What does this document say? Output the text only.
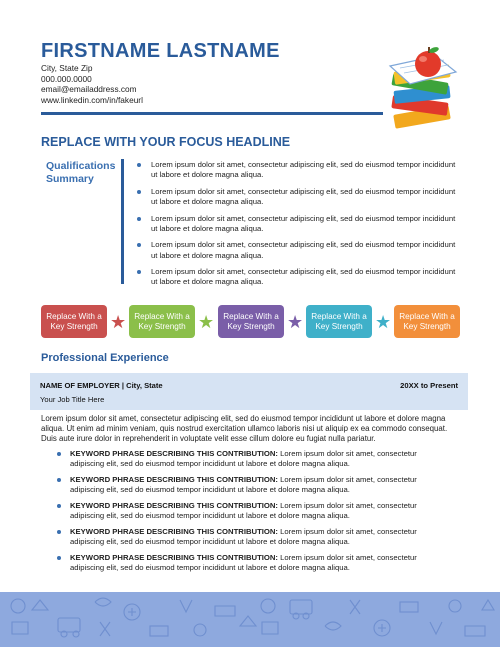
FIRSTNAME LASTNAME
City, State Zip
000.000.0000
email@emailaddress.com
www.linkedin.com/in/fakeurl
REPLACE WITH YOUR FOCUS HEADLINE
Qualifications
Summary
Lorem ipsum dolor sit amet, consectetur adipiscing elit, sed do eiusmod tempor incididunt ut labore et dolore magna aliqua.
Lorem ipsum dolor sit amet, consectetur adipiscing elit, sed do eiusmod tempor incididunt ut labore et dolore magna aliqua.
Lorem ipsum dolor sit amet, consectetur adipiscing elit, sed do eiusmod tempor incididunt ut labore et dolore magna aliqua.
Lorem ipsum dolor sit amet, consectetur adipiscing elit, sed do eiusmod tempor incididunt ut labore et dolore magna aliqua.
Lorem ipsum dolor sit amet, consectetur adipiscing elit, sed do eiusmod tempor incididunt ut labore et dolore magna aliqua.
Replace With a Key Strength ★ Replace With a Key Strength ★	Replace With a Key Strength ★ Replace With a Key Strength ★ Replace With a Key Strength
Professional Experience
NAME OF EMPLOYER | City, State
Your Job Title Here
20XX to Present
Lorem ipsum dolor sit amet, consectetur adipiscing elit, sed do eiusmod tempor incididunt ut labore et dolore magna aliqua. Ut enim ad minim veniam, quis nostrud exercitation ullamco laboris nisi ut aliquip ex ea commodo consequat. Duis aute irure dolor in reprehenderit in voluptate velit esse cillum dolore eu fugiat nulla pariatur.
KEYWORD PHRASE DESCRIBING THIS CONTRIBUTION: Lorem ipsum dolor sit amet, consectetur adipiscing elit, sed do eiusmod tempor incididunt ut labore et dolore magna aliqua.
KEYWORD PHRASE DESCRIBING THIS CONTRIBUTION: Lorem ipsum dolor sit amet, consectetur adipiscing elit, sed do eiusmod tempor incididunt ut labore et dolore magna aliqua.
KEYWORD PHRASE DESCRIBING THIS CONTRIBUTION: Lorem ipsum dolor sit amet, consectetur adipiscing elit, sed do eiusmod tempor incididunt ut labore et dolore magna aliqua.
KEYWORD PHRASE DESCRIBING THIS CONTRIBUTION: Lorem ipsum dolor sit amet, consectetur adipiscing elit, sed do eiusmod tempor incididunt ut labore et dolore magna aliqua.
KEYWORD PHRASE DESCRIBING THIS CONTRIBUTION: Lorem ipsum dolor sit amet, consectetur adipiscing elit, sed do eiusmod tempor incididunt ut labore et dolore magna aliqua.
